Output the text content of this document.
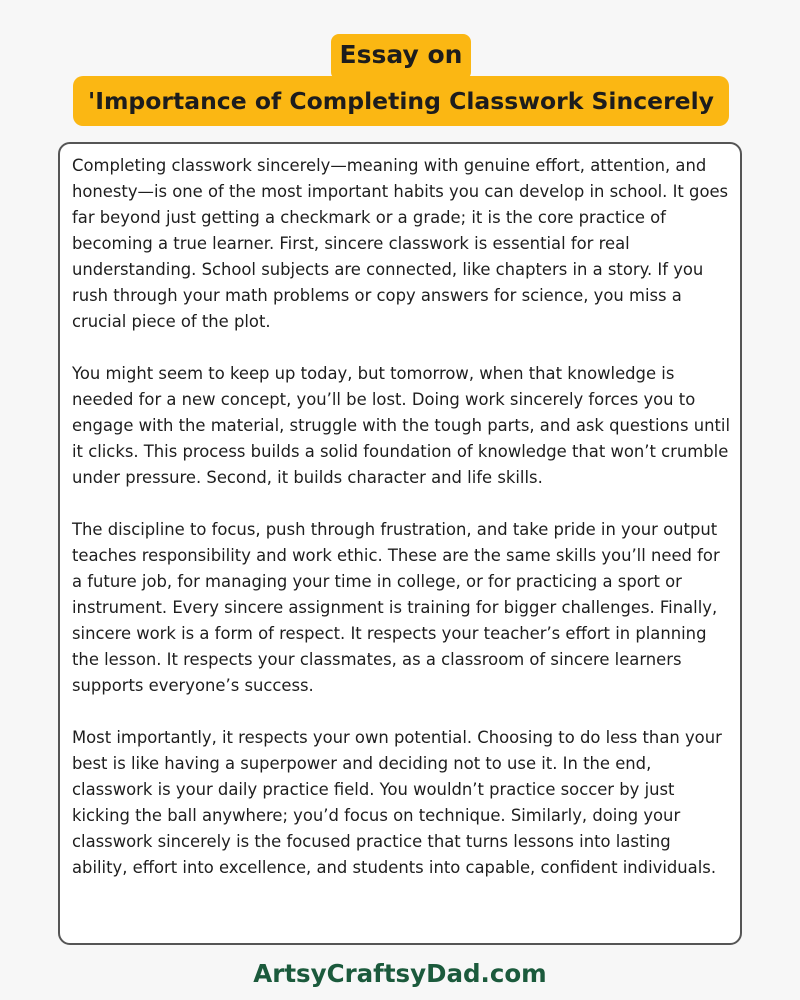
Essay on
'Importance of Completing Classwork Sincerely

Completing classwork sincerely—meaning with genuine effort, attention, and honesty—is one of the most important habits you can develop in school. It goes far beyond just getting a checkmark or a grade; it is the core practice of becoming a true learner. First, sincere classwork is essential for real understanding. School subjects are connected, like chapters in a story. If you rush through your math problems or copy answers for science, you miss a crucial piece of the plot.

You might seem to keep up today, but tomorrow, when that knowledge is needed for a new concept, you’ll be lost. Doing work sincerely forces you to engage with the material, struggle with the tough parts, and ask questions until it clicks. This process builds a solid foundation of knowledge that won’t crumble under pressure. Second, it builds character and life skills.

The discipline to focus, push through frustration, and take pride in your output teaches responsibility and work ethic. These are the same skills you’ll need for a future job, for managing your time in college, or for practicing a sport or instrument. Every sincere assignment is training for bigger challenges. Finally, sincere work is a form of respect. It respects your teacher’s effort in planning the lesson. It respects your classmates, as a classroom of sincere learners supports everyone’s success.

Most importantly, it respects your own potential. Choosing to do less than your best is like having a superpower and deciding not to use it. In the end, classwork is your daily practice field. You wouldn’t practice soccer by just kicking the ball anywhere; you’d focus on technique. Similarly, doing your classwork sincerely is the focused practice that turns lessons into lasting ability, effort into excellence, and students into capable, confident individuals.

ArtsyCraftsyDad.com
